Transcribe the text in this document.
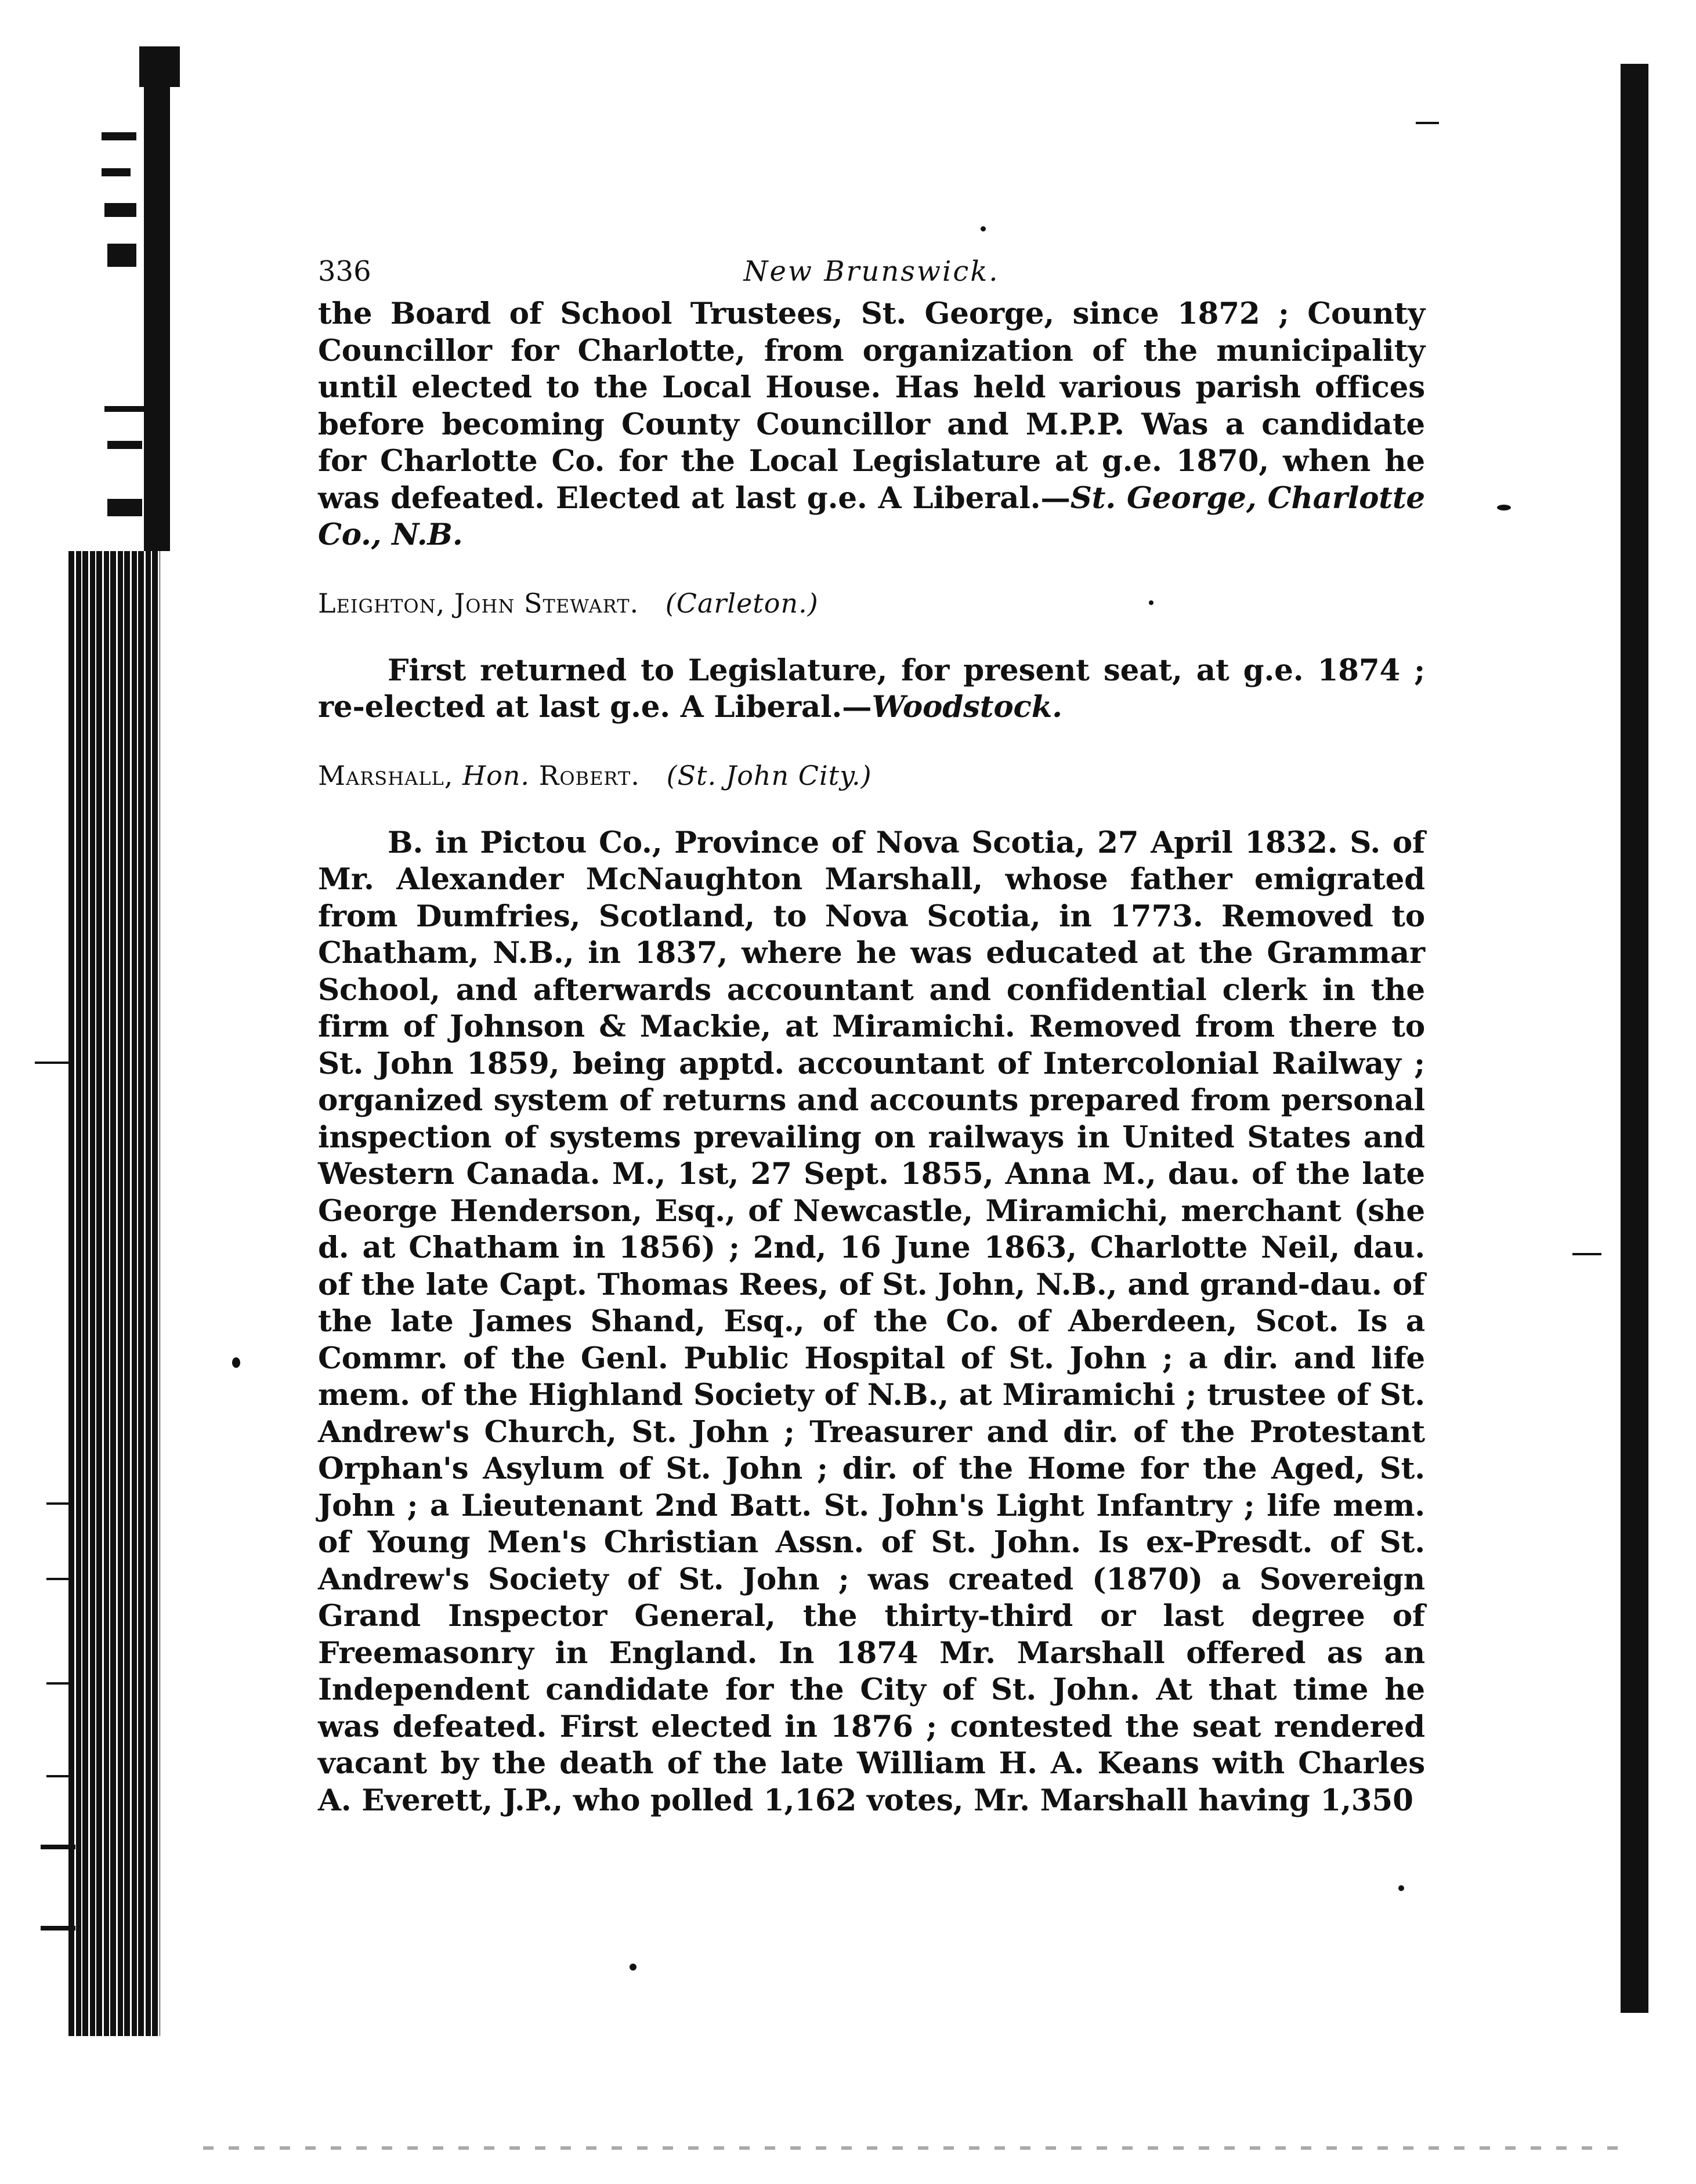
336	New Brunswick.

the Board of School Trustees, St. George, since 1872 ; County Councillor for Charlotte, from organization of the municipality until elected to the Local House. Has held various parish offices before becoming County Councillor and M.P.P. Was a candidate for Charlotte Co. for the Local Legislature at g.e. 1870, when he was defeated. Elected at last g.e. A Liberal.—St. George, Charlotte Co., N.B.

Leighton, John Stewart. (Carleton.)

First returned to Legislature, for present seat, at g.e. 1874 ; re-elected at last g.e. A Liberal.—Woodstock.

Marshall, Hon. Robert. (St. John City.)

B. in Pictou Co., Province of Nova Scotia, 27 April 1832. S. of Mr. Alexander McNaughton Marshall, whose father emigrated from Dumfries, Scotland, to Nova Scotia, in 1773. Removed to Chatham, N.B., in 1837, where he was educated at the Grammar School, and afterwards accountant and confidential clerk in the firm of Johnson & Mackie, at Miramichi. Removed from there to St. John 1859, being apptd. accountant of Intercolonial Railway ; organized system of returns and accounts prepared from personal inspection of systems prevailing on railways in United States and Western Canada. M., 1st, 27 Sept. 1855, Anna M., dau. of the late George Henderson, Esq., of Newcastle, Miramichi, merchant (she d. at Chatham in 1856) ; 2nd, 16 June 1863, Charlotte Neil, dau. of the late Capt. Thomas Rees, of St. John, N.B., and grand-dau. of the late James Shand, Esq., of the Co. of Aberdeen, Scot. Is a Commr. of the Genl. Public Hospital of St. John ; a dir. and life mem. of the Highland Society of N.B., at Miramichi ; trustee of St. Andrew's Church, St. John ; Treasurer and dir. of the Protestant Orphan's Asylum of St. John ; dir. of the Home for the Aged, St. John ; a Lieutenant 2nd Batt. St. John's Light Infantry ; life mem. of Young Men's Christian Assn. of St. John. Is ex-Presdt. of St. Andrew's Society of St. John ; was created (1870) a Sovereign Grand Inspector General, the thirty-third or last degree of Freemasonry in England. In 1874 Mr. Marshall offered as an Independent candidate for the City of St. John. At that time he was defeated. First elected in 1876 ; contested the seat rendered vacant by the death of the late William H. A. Keans with Charles A. Everett, J.P., who polled 1,162 votes, Mr. Marshall having 1,350
